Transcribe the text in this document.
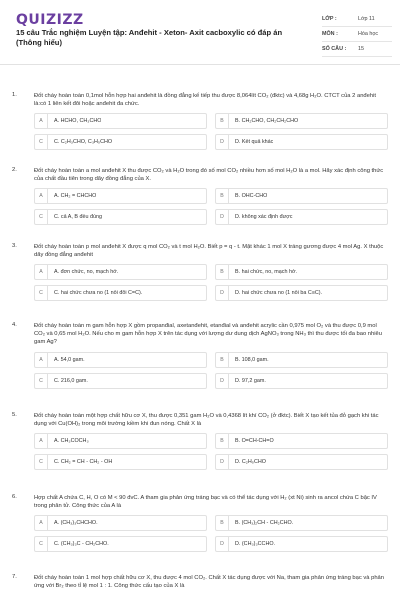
QUIZIZZ
15 câu Trắc nghiệm Luyện tập: Anđehit - Xeton- Axit cacboxylic có đáp án (Thông hiểu)
LỚP :	Lớp 11
MÔN :	Hóa học
SỐ CÂU :	15
1.	Đốt cháy hoàn toàn 0,1mol hỗn hợp hai anđehit là đồng đẳng kế tiếp thu được 8,064lít CO₂ (đktc) và 4,68g H₂O. CTCT của 2 anđehit là:có 1 liên kết đôi hoặc anđehit đa chức.
A	A. HCHO, CH₃CHO	B	B. CH₂CHO, CH₂CH₂CHO
C	C. C₂H₃CHO, C₃H₅CHO	D	D. Kết quả khác
2.	Đốt cháy hoàn toàn a mol anđehit X thu được CO₂ và H₂O trong đó số mol CO₂ nhiều hơn số mol H₂O là a mol. Hãy xác định công thức của chất đầu tiên trong dãy đồng đẳng của X.
A	A. CH₂ = CHCHO	B	B. OHC-CHO
C	C. cả A, B đều đúng	D	D. không xác định được
3.	Đốt cháy hoàn toàn p mol anđehit X được q mol CO₂ và t mol H₂O. Biết p = q - t. Mặt khác 1 mol X tráng gương được 4 mol Ag. X thuộc dãy đồng đẳng anđehit
A	A. đơn chức, no, mạch hở.	B	B. hai chức, no, mạch hở.
C	C. hai chức chưa no (1 nối đôi C=C).	D	D. hai chức chưa no (1 nối ba C≡C).
4.	Đốt cháy hoàn toàn m gam hỗn hợp X gồm propanđial, axetanđehit, etanđial và anđehit acrylic cần 0,975 mol O₂ và thu được 0,9 mol CO₂ và 0,65 mol H₂O. Nếu cho m gam hỗn hợp X trên tác dụng với lượng dư dung dịch AgNO₃ trong NH₃ thì thu được tối đa bao nhiêu gam Ag?
A	A. 54,0 gam.	B	B. 108,0 gam.
C	C. 216,0 gam.	D	D. 97,2 gam.
5.	Đốt cháy hoàn toàn một hợp chất hữu cơ X, thu được 0,351 gam H₂O và 0,4368 lít khí CO₂ (ở đktc). Biết X tạo kết tủa đỏ gạch khi tác dụng với Cu(OH)₂ trong môi trường kiềm khi đun nóng. Chất X là
A	A. CH₃COCH₃	B	B. O=CH-CH=O
C	C. CH₂ = CH - CH₂ - OH	D	D. C₂H₅CHO
6.	Hợp chất A chứa C, H, O có M < 90 đvC. A tham gia phản ứng tráng bạc và có thể tác dụng với H₂ (xt Ni) sinh ra ancol chứa C bậc IV trong phân tử. Công thức của A là
A	A. (CH₃)₃CHCHO.	B	B. (CH₃)₂CH - CH₂CHO.
C	C. (CH₃)₃C - CH₂CHO.	D	D. (CH₃)₃CCHO.
7.	Đốt cháy hoàn toàn 1 mol hợp chất hữu cơ X, thu được 4 mol CO₂. Chất X tác dụng được với Na, tham gia phản ứng tráng bạc và phản ứng với Br₂ theo tỉ lệ mol 1 : 1. Công thức cấu tạo của X là
